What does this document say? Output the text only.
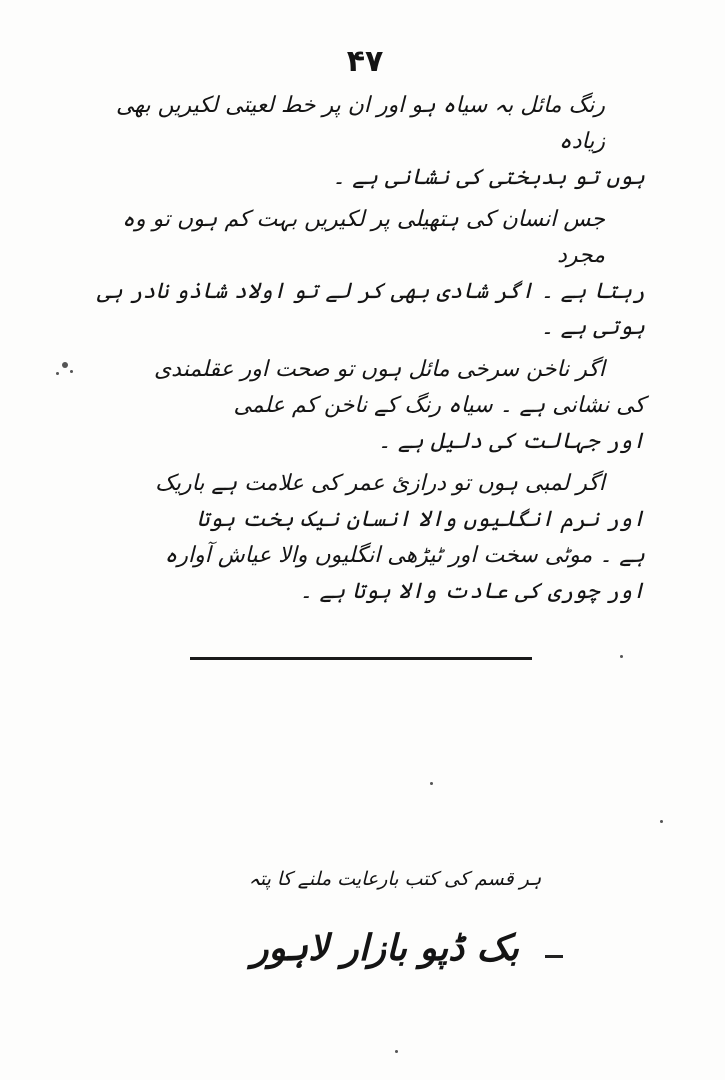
۴۷

رنگ مائل بہ سیاہ ہو اور ان پر خط لعیتی لکیریں بھی زیادہ
ہوں تو بدبختی کی نشانی ہے ۔

جس انسان کی ہتھیلی پر لکیریں بہت کم ہوں تو وہ مجرد
رہتا ہے ۔ اگر شادی بھی کر لے تو اولاد شاذو نادر ہی
ہوتی ہے ۔

اگر ناخن سرخی مائل ہوں تو صحت اور عقلمندی
کی نشانی ہے ۔ سیاہ رنگ کے ناخن کم علمی
اور جہالت کی دلیل ہے ۔

اگر لمبی ہوں تو درازیٔ عمر کی علامت ہے باریک
اور نرم انگلیوں والا انسان نیک بخت ہوتا
ہے ۔ موٹی سخت اور ٹیڑھی انگلیوں والا عیاش آوارہ
اور چوری کی عادت والا ہوتا ہے ۔

ہر قسم کی کتب بارعایت ملنے کا پتہ
بک ڈپو بازار لاہور
